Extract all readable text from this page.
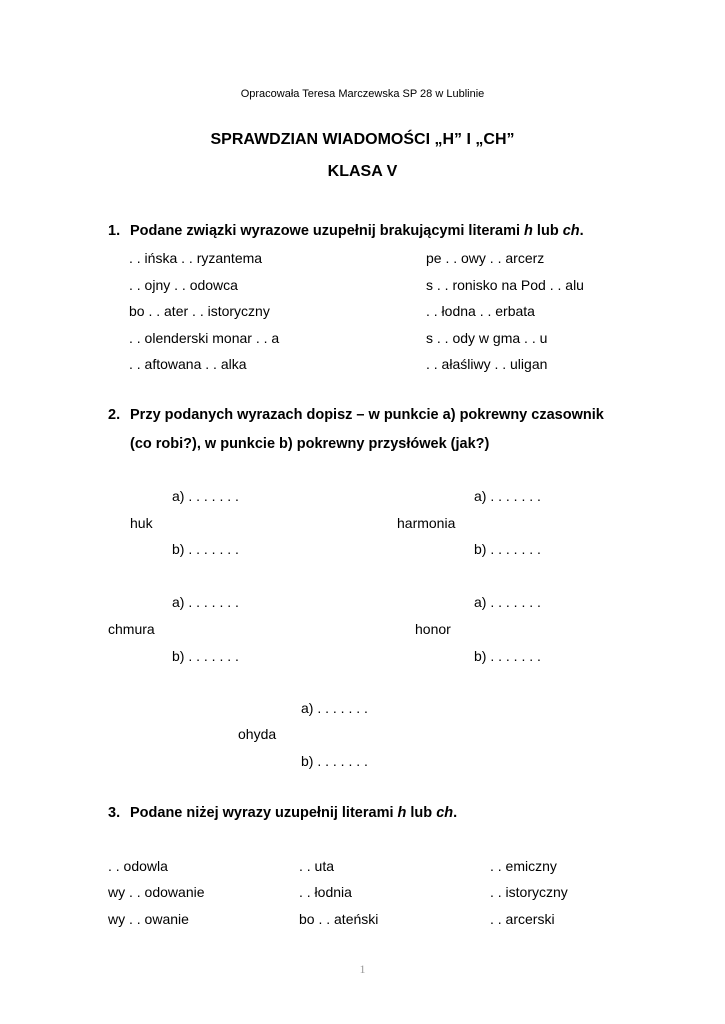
Opracowała Teresa Marczewska SP 28 w Lublinie
SPRAWDZIAN WIADOMOŚCI „H” I „CH”
KLASA V
1. Podane związki wyrazowe uzupełnij brakującymi literami h lub ch.
. . ińska . . ryzantema
. . ojny . . odowca
bo . . ater . . istoryczny
. . olenderski monar . . a
. . aftowana . . alka
pe . . owy . . arcerz
s . . ronisko na Pod . . alu
. . łodna . . erbata
s . . ody w gma . . u
. . ałaśliwy . . uligan
2. Przy podanych wyrazach dopisz – w punkcie a) pokrewny czasownik
(co robi?), w punkcie b) pokrewny przysłówek (jak?)
a) . . . . . . .
huk
b) . . . . . . .
a) . . . . . . .
harmonia
b) . . . . . . .
a) . . . . . . .
chmura
b) . . . . . . .
a) . . . . . . .
honor
b) . . . . . . .
a) . . . . . . .
ohyda
b) . . . . . . .
3. Podane niżej wyrazy uzupełnij literami h lub ch.
. . odowla
wy . . odowanie
wy . . owanie
. . uta
. . łodnia
bo . . ateński
. . emiczny
. . istoryczny
. . arcerski
1
